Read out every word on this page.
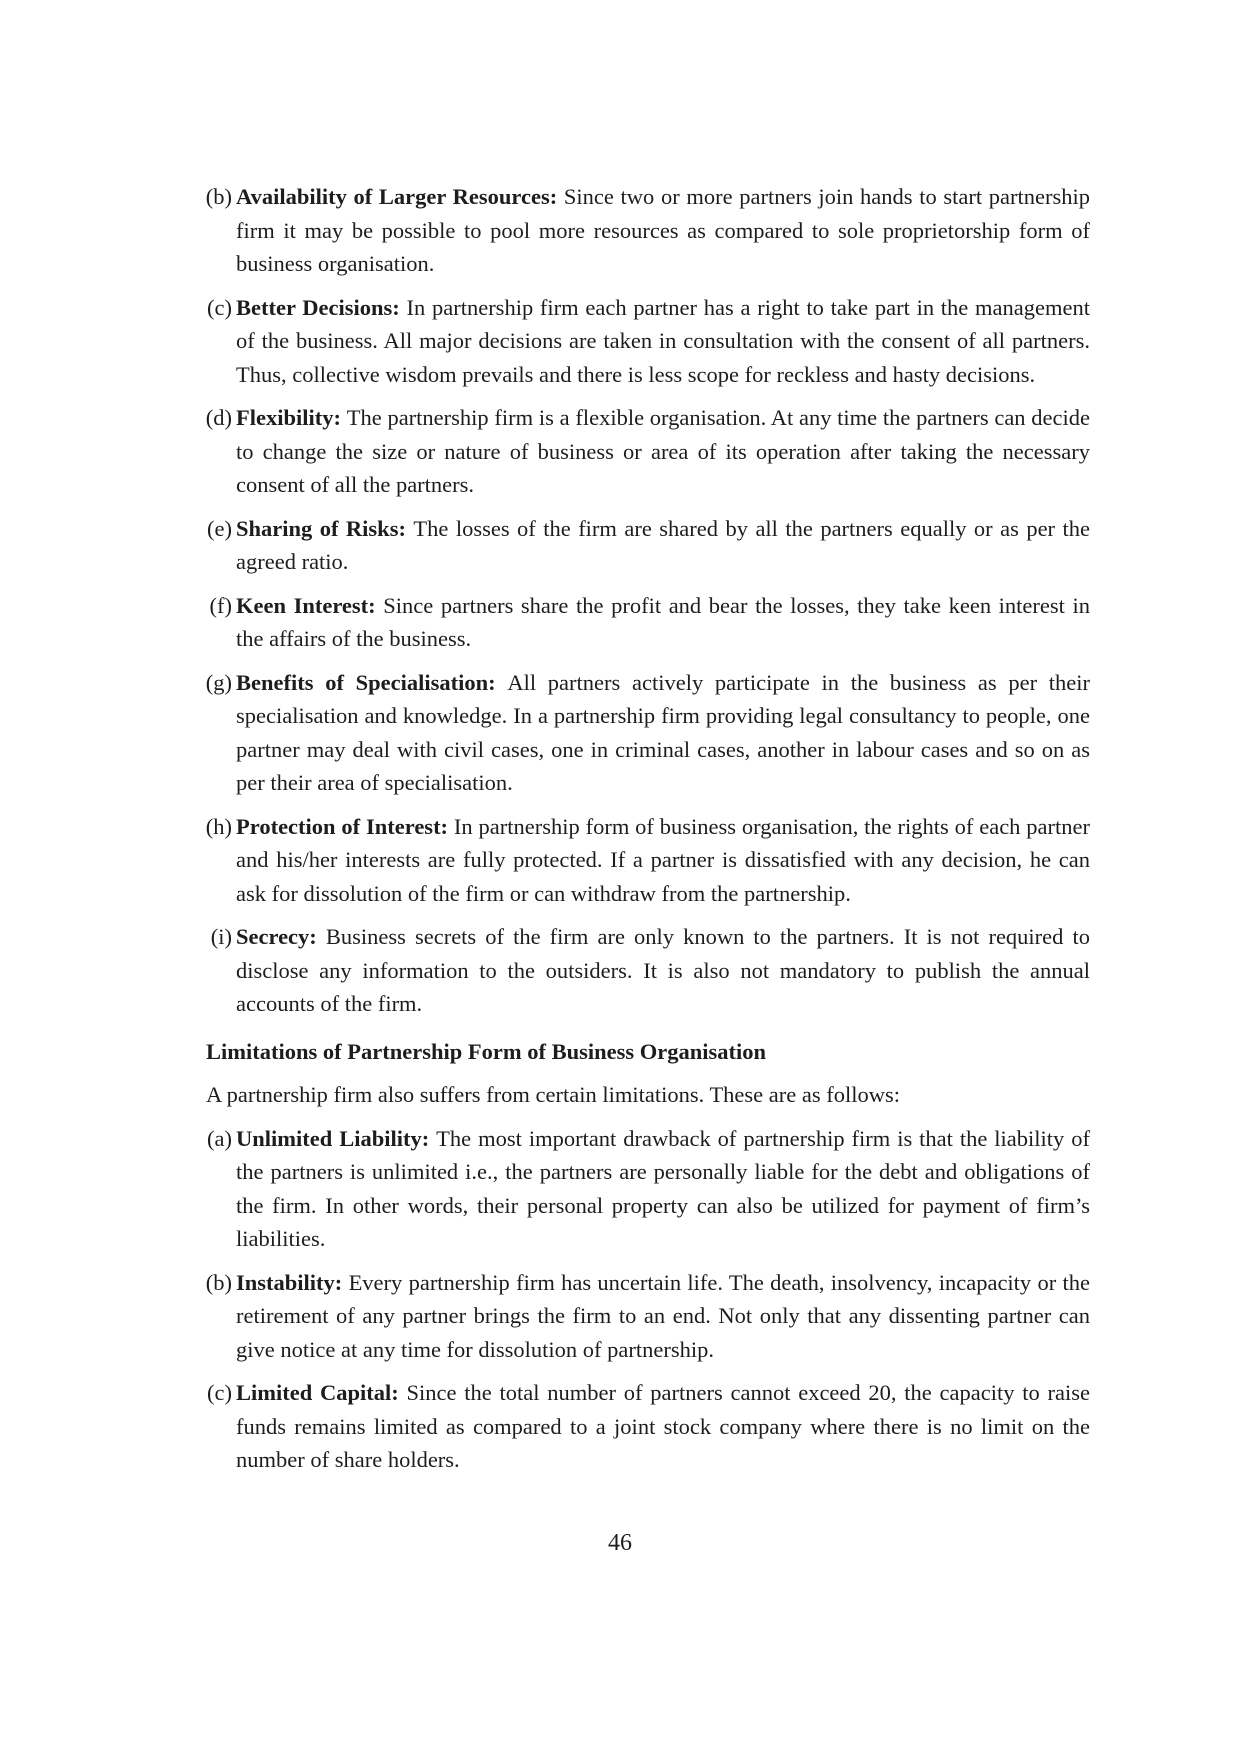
(b) Availability of Larger Resources: Since two or more partners join hands to start partnership firm it may be possible to pool more resources as compared to sole proprietorship form of business organisation.
(c) Better Decisions: In partnership firm each partner has a right to take part in the management of the business. All major decisions are taken in consultation with the consent of all partners. Thus, collective wisdom prevails and there is less scope for reckless and hasty decisions.
(d) Flexibility: The partnership firm is a flexible organisation. At any time the partners can decide to change the size or nature of business or area of its operation after taking the necessary consent of all the partners.
(e) Sharing of Risks: The losses of the firm are shared by all the partners equally or as per the agreed ratio.
(f) Keen Interest: Since partners share the profit and bear the losses, they take keen interest in the affairs of the business.
(g) Benefits of Specialisation: All partners actively participate in the business as per their specialisation and knowledge. In a partnership firm providing legal consultancy to people, one partner may deal with civil cases, one in criminal cases, another in labour cases and so on as per their area of specialisation.
(h) Protection of Interest: In partnership form of business organisation, the rights of each partner and his/her interests are fully protected. If a partner is dissatisfied with any decision, he can ask for dissolution of the firm or can withdraw from the partnership.
(i) Secrecy: Business secrets of the firm are only known to the partners. It is not required to disclose any information to the outsiders. It is also not mandatory to publish the annual accounts of the firm.
Limitations of Partnership Form of Business Organisation
A partnership firm also suffers from certain limitations. These are as follows:
(a) Unlimited Liability: The most important drawback of partnership firm is that the liability of the partners is unlimited i.e., the partners are personally liable for the debt and obligations of the firm. In other words, their personal property can also be utilized for payment of firm’s liabilities.
(b) Instability: Every partnership firm has uncertain life. The death, insolvency, incapacity or the retirement of any partner brings the firm to an end. Not only that any dissenting partner can give notice at any time for dissolution of partnership.
(c) Limited Capital: Since the total number of partners cannot exceed 20, the capacity to raise funds remains limited as compared to a joint stock company where there is no limit on the number of share holders.
46
